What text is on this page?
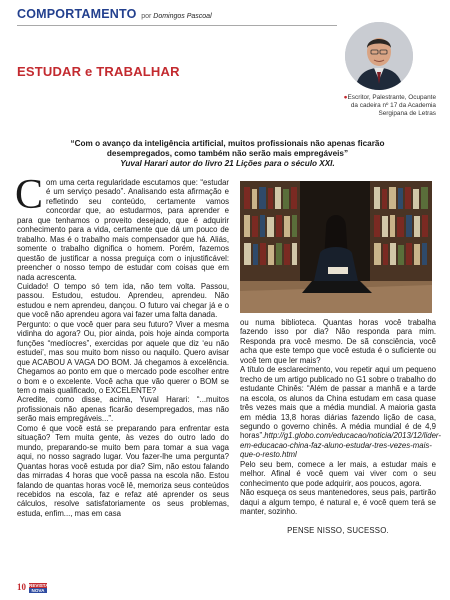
COMPORTAMENTO por Domingos Pascoal
ESTUDAR e TRABALHAR
●Escritor, Palestrante, Ocupante da cadeira nº 17 da Academia Sergipana de Letras
“Com o avanço da inteligência artificial, muitos profissionais não apenas ficarão desempregados, como também não serão mais empregáveis”
Yuval Harari autor do livro 21 Lições para o século XXI.

Com uma certa regularidade escutamos que: “estudar é um serviço pesado”. Analisando esta afirmação e refletindo seu conteúdo, certamente vamos concordar que, ao estudarmos, para aprender e para que tenhamos o proveito desejado, que é adquirir conhecimento para a vida, certamente que dá um pouco de trabalho. Mas é o trabalho mais compensador que há. Aliás, somente o trabalho dignifica o homem. Porém, fazemos questão de justificar a nossa preguiça com o injustificável: preencher o nosso tempo de estudar com coisas que em nada acrescenta.

Cuidado! O tempo só tem ida, não tem volta. Passou, passou. Estudou, estudou. Aprendeu, aprendeu. Não estudou e nem aprendeu, dançou. O futuro vai chegar já e o que você não aprendeu agora vai fazer uma falta danada.

Pergunto: o que você quer para seu futuro? Viver a mesma vidinha do agora? Ou, pior ainda, pois hoje ainda comporta funções “medíocres”, exercidas por aquele que diz ‘eu não estudei’, mas sou muito bom nisso ou naquilo. Quero avisar que ACABOU A VAGA DO BOM. Já chegamos à excelência. Chegamos ao ponto em que o mercado pode escolher entre o bom e o excelente. Você acha que vão querer o BOM se tem o mais qualificado, o EXCELENTE?

Acredite, como disse, acima, Yuval Harari: “...muitos profissionais não apenas ficarão desempregados, mas não serão mais empregáveis...”.

Como é que você está se preparando para enfrentar esta situação? Tem muita gente, às vezes do outro lado do mundo, preparando-se muito bem para tomar a sua vaga aqui, no nosso sagrado lugar. Vou fazer-lhe uma pergunta? Quantas horas você estuda por dia? Sim, não estou falando das mirradas 4 horas que você passa na escola não. Estou falando de quantas horas você lê, memoriza seus conteúdos recebidos na escola, faz e refaz até aprender os seus cálculos, resolve satisfatoriamente os seus problemas, estuda, enfim..., mas em casa

ou numa biblioteca. Quantas horas você trabalha fazendo isso por dia? Não responda para mim. Responda pra você mesmo. De sã consciência, você acha que este tempo que você estuda é o suficiente ou você tem que ler mais?

A título de esclarecimento, vou repetir aqui um pequeno trecho de um artigo publicado no G1 sobre o trabalho do estudante Chinês: “Além de passar a manhã e a tarde na escola, os alunos da China estudam em casa quase três vezes mais que a média mundial. A maioria gasta em média 13,8 horas diárias fazendo lição de casa, segundo o governo chinês. A média mundial é de 4,9 horas”.http://g1.globo.com/educacao/noticia/2013/12/lider-em-educacao-china-faz-aluno-estudar-tres-vezes-mais-que-o-resto.html

Pelo seu bem, comece a ler mais, a estudar mais e melhor. Afinal é você quem vai viver com o seu conhecimento que pode adquirir, aos poucos, agora.

Não esqueça os seus mantenedores, seus pais, partirão daqui a algum tempo, é natural e, é você quem terá se manter, sozinho.

PENSE NISSO, SUCESSO.

10 REVISTA
NOVA
